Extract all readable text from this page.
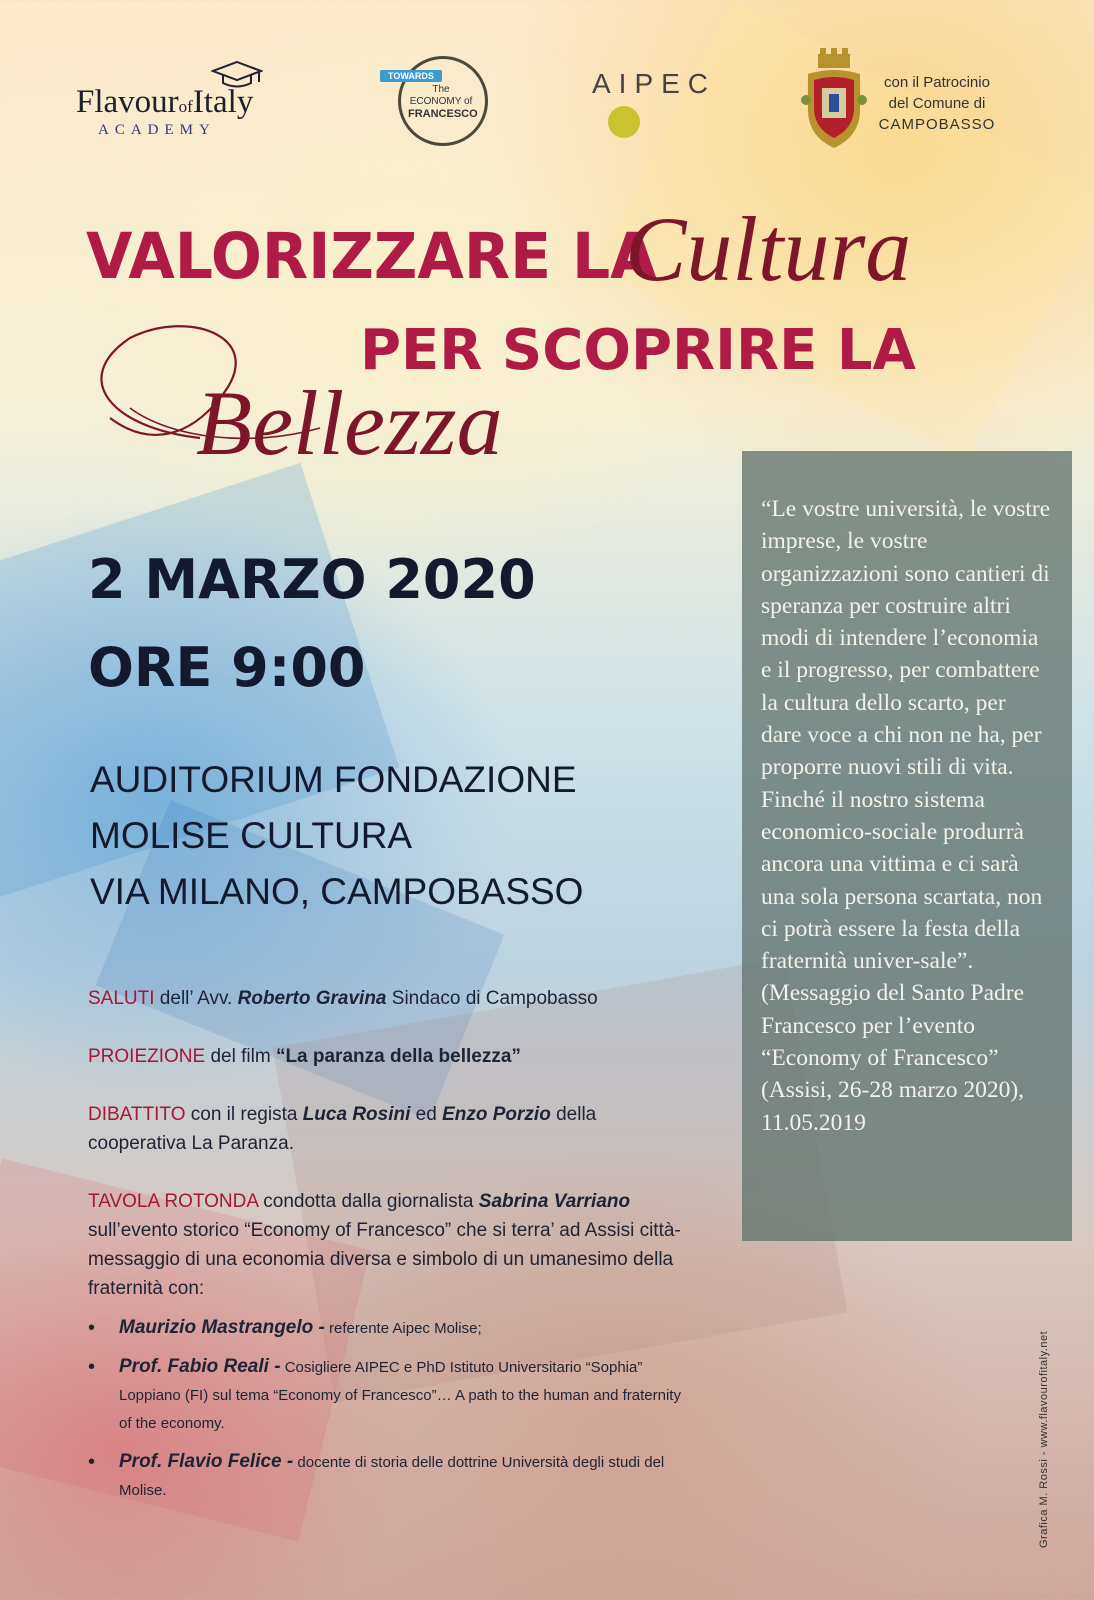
FlavourofItaly
ACADEMY
TOWARDS
The ECONOMY of
FRANCESCO
AIPEC	con il Patrocinio
del Comune di
CAMPOBASSO
VALORIZZARE LA
Cultura
PER SCOPRIRE LA
Bellezza
2 MARZO 2020
ORE 9:00
AUDITORIUM FONDAZIONE
MOLISE CULTURA
VIA MILANO, CAMPOBASSO

SALUTI dell’ Avv. Roberto Gravina Sindaco di Campobasso

PROIEZIONE del film “La paranza della bellezza”

DIBATTITO con il regista Luca Rosini ed Enzo Porzio della cooperativa La Paranza.

TAVOLA ROTONDA condotta dalla giornalista Sabrina Varriano sull’evento storico “Economy of Francesco” che si terra’ ad Assisi città-messaggio di una economia diversa e simbolo di un umanesimo della fraternità con:

• Maurizio Mastrangelo - referente Aipec Molise;
• Prof. Fabio Reali - Cosigliere AIPEC e PhD Istituto Universitario “Sophia” Loppiano (FI) sul tema “Economy of Francesco”… A path to the human and fraternity of the economy.
• Prof. Flavio Felice - docente di storia delle dottrine Università degli studi del Molise.
“Le vostre università, le vostre imprese, le vostre organizzazioni sono cantieri di speranza per costruire altri modi di intendere l’economia e il progresso, per combattere la cultura dello scarto, per dare voce a chi non ne ha, per proporre nuovi stili di vita. Finché il nostro sistema economico-sociale produrrà ancora una vittima e ci sarà una sola persona scartata, non ci potrà essere la festa della fraternità univer-sale”. (Messaggio del Santo Padre Francesco per l’evento “Economy of Francesco” (Assisi, 26-28 marzo 2020), 11.05.2019
Grafica M. Rossi - www.flavourofitaly.net
